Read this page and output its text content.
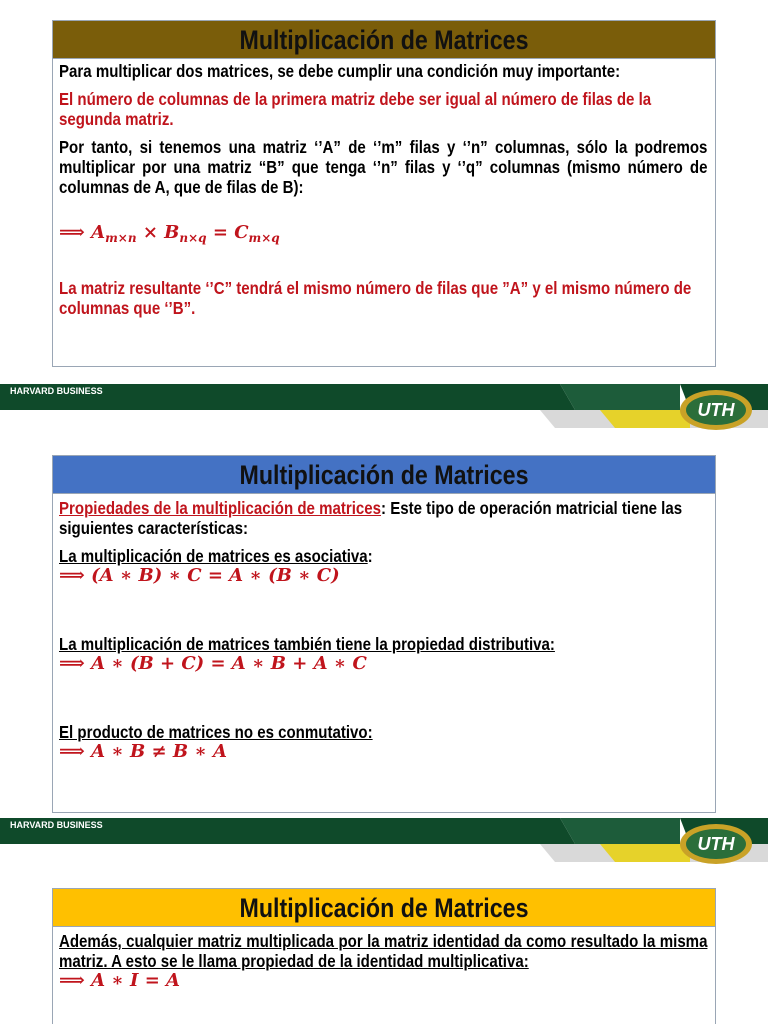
Multiplicación de Matrices

Para multiplicar dos matrices, se debe cumplir una condición muy importante:

El número de columnas de la primera matriz debe ser igual al número de filas de la segunda matriz.

Por tanto, si tenemos una matriz ‘’A” de ‘’m” filas y ‘’n” columnas, sólo la podremos multiplicar por una matriz “B” que tenga ‘’n” filas y ‘’q” columnas (mismo número de columnas de A, que de filas de B):

⟹ $A_{m\times n} \times B_{n\times q} = C_{m\times q}$

La matriz resultante ‘’C” tendrá el mismo número de filas que ”A” y el mismo número de columnas que ‘’B”.

HARVARD BUSINESS
UTH
Multiplicación de Matrices

Propiedades de la multiplicación de matrices: Este tipo de operación matricial tiene las siguientes características:

La multiplicación de matrices es asociativa:

⟹ (A ∗ B) ∗ C = A ∗ (B ∗ C)

La multiplicación de matrices también tiene la propiedad distributiva:

⟹ A ∗ (B + C) = A ∗ B + A ∗ C

El producto de matrices no es conmutativo:

⟹ A ∗ B ≠ B ∗ A

HARVARD BUSINESS
UTH
Multiplicación de Matrices

Además, cualquier matriz multiplicada por la matriz identidad da como resultado la misma matriz. A esto se le llama propiedad de la identidad multiplicativa:

⟹ A ∗ I = A
